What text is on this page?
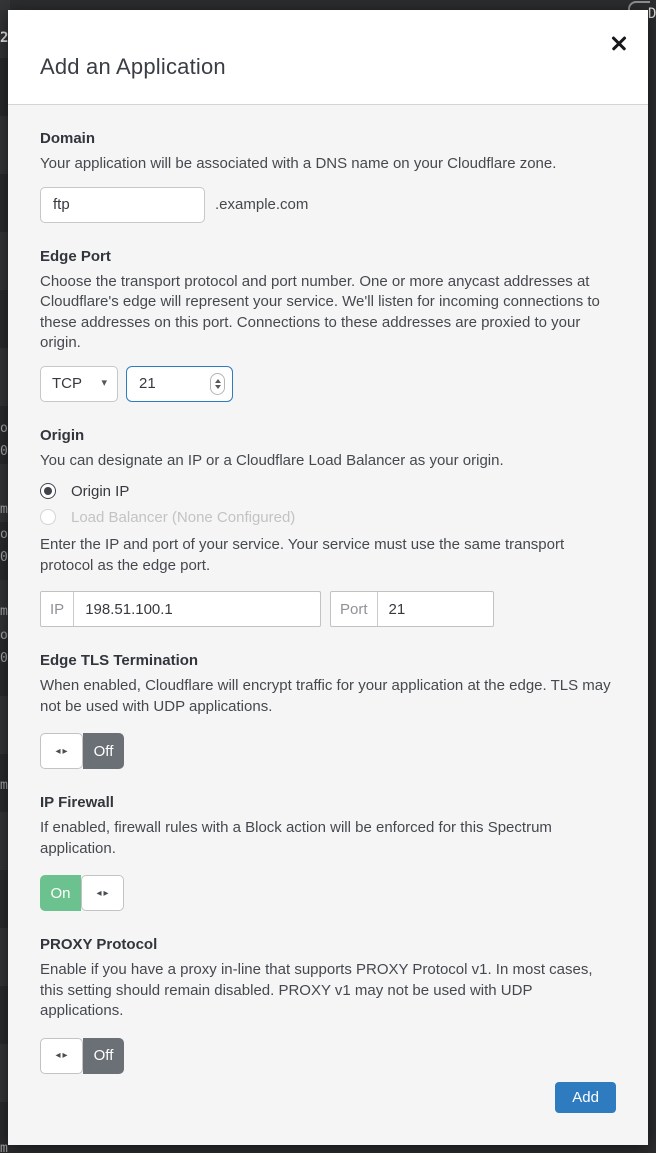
2
o
0
m
o
0
m
o
0
m
m
D
Add an Application
Domain

Your application will be associated with a DNS name on your Cloudflare zone.

ftp
.example.com
Edge Port

Choose the transport protocol and port number. One or more anycast addresses at Cloudflare's edge will represent your service. We'll listen for incoming connections to these addresses on this port. Connections to these addresses are proxied to your origin.

TCP ▾
21
Origin

You can designate an IP or a Cloudflare Load Balancer as your origin.

Origin IP
Load Balancer (None Configured)

Enter the IP and port of your service. Your service must use the same transport protocol as the edge port.

IP
198.51.100.1	Port
21
Edge TLS Termination

When enabled, Cloudflare will encrypt traffic for your application at the edge. TLS may not be used with UDP applications.

◂▸	Off
IP Firewall

If enabled, firewall rules with a Block action will be enforced for this Spectrum application.

On	◂▸
PROXY Protocol

Enable if you have a proxy in-line that supports PROXY Protocol v1. In most cases, this setting should remain disabled. PROXY v1 may not be used with UDP applications.

◂▸	Off
Add
